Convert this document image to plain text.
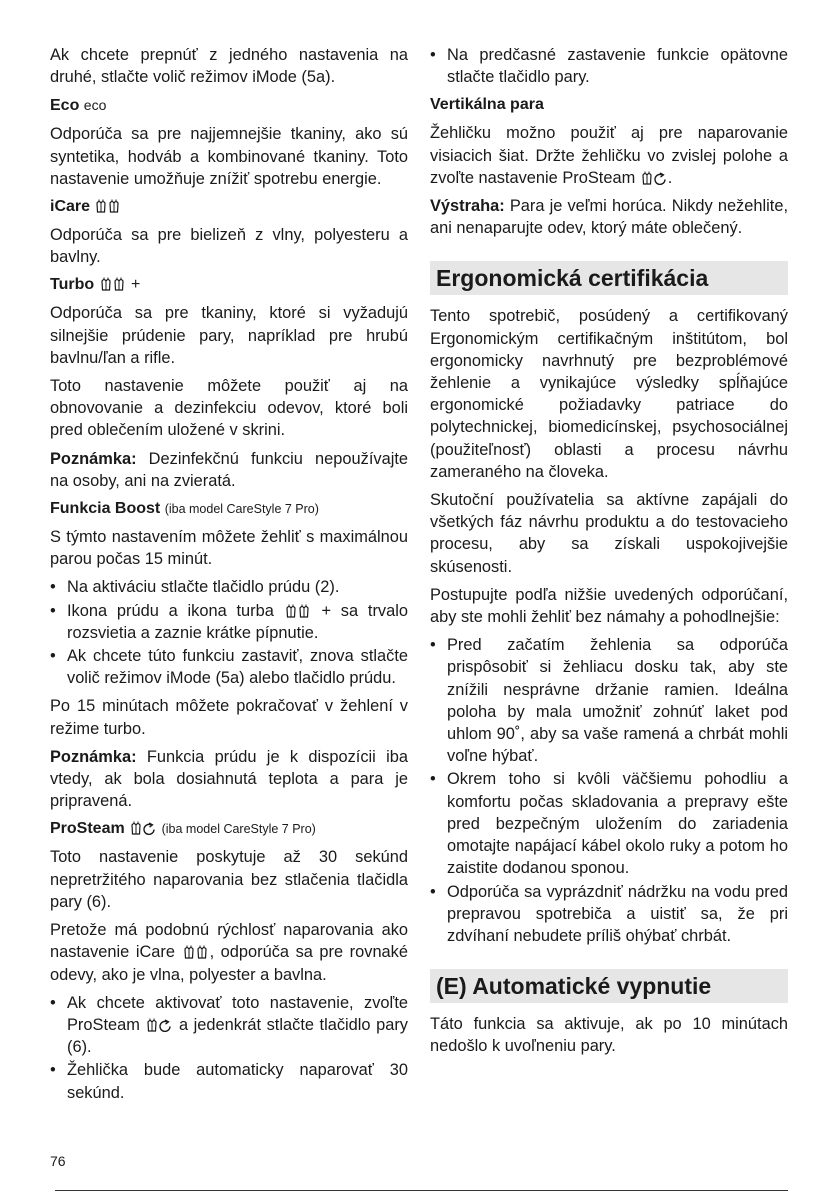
Ak chcete prepnúť z jedného nastavenia na druhé, stlačte volič režimov iMode (5a).

Eco eco

Odporúča sa pre najjemnejšie tkaniny, ako sú syntetika, hodváb a kombinované tkaniny. Toto nastavenie umožňuje znížiť spotrebu energie.

iCare

Odporúča sa pre bielizeň z vlny, polyesteru a bavlny.

Turbo +

Odporúča sa pre tkaniny, ktoré si vyžadujú silnejšie prúdenie pary, napríklad pre hrubú bavlnu/ľan a rifle.

Toto nastavenie môžete použiť aj na obnovovanie a dezinfekciu odevov, ktoré boli pred oblečením uložené v skrini.

Poznámka: Dezinfekčnú funkciu nepoužívajte na osoby, ani na zvieratá.

Funkcia Boost (iba model CareStyle 7 Pro)

S týmto nastavením môžete žehliť s maximálnou parou počas 15 minút.

• Na aktiváciu stlačte tlačidlo prúdu (2).
• Ikona prúdu a ikona turba	+ sa trvalo rozsvietia a zaznie krátke pípnutie.
• Ak chcete túto funkciu zastaviť, znova stlačte volič režimov iMode (5a) alebo tlačidlo prúdu.

Po 15 minútach môžete pokračovať v žehlení v režime turbo.

Poznámka: Funkcia prúdu je k dispozícii iba vtedy, ak bola dosiahnutá teplota a para je pripravená.

ProSteam	(iba model CareStyle 7 Pro)

Toto nastavenie poskytuje až 30 sekúnd nepretržitého naparovania bez stlačenia tlačidla pary (6).

Pretože má podobnú rýchlosť naparovania ako nastavenie iCare , odporúča sa pre rovnaké odevy, ako je vlna, polyester a bavlna.

• Ak chcete aktivovať toto nastavenie, zvoľte ProSteam a jedenkrát stlačte tlačidlo pary (6).
• Žehlička bude automaticky naparovať 30 sekúnd.
• Na predčasné zastavenie funkcie opätovne stlačte tlačidlo pary.
Vertikálna para

Žehličku možno použiť aj pre naparovanie visiacich šiat. Držte žehličku vo zvislej polohe a zvoľte nastavenie ProSteam .

Výstraha: Para je veľmi horúca. Nikdy nežehlite, ani nenaparujte odev, ktorý máte oblečený.

Ergonomická certifikácia

Tento spotrebič, posúdený a certifikovaný Ergonomickým certifikačným inštitútom, bol ergonomicky navrhnutý pre bezproblémové žehlenie a vynikajúce výsledky spĺňajúce ergonomické požiadavky patriace do polytechnickej, biomedicínskej, psychosociálnej (použiteľnosť) oblasti a procesu návrhu zameraného na človeka.

Skutoční používatelia sa aktívne zapájali do všetkých fáz návrhu produktu a do testovacieho procesu, aby sa získali uspokojivejšie skúsenosti.

Postupujte podľa nižšie uvedených odporúčaní, aby ste mohli žehliť bez námahy a pohodlnejšie:

• Pred začatím žehlenia sa odporúča prispôsobiť si žehliacu dosku tak, aby ste znížili nesprávne držanie ramien. Ideálna poloha by mala umožniť zohnúť laket pod uhlom 90˚, aby sa vaše ramená a chrbát mohli voľne hýbať.
• Okrem toho si kvôli väčšiemu pohodliu a komfortu počas skladovania a prepravy ešte pred bezpečným uložením do zariadenia omotajte napájací kábel okolo ruky a potom ho zaistite dodanou sponou.
• Odporúča sa vyprázdniť nádržku na vodu pred prepravou spotrebiča a uistiť sa, že pri zdvíhaní nebudete príliš ohýbať chrbát.
(E) Automatické vypnutie

Táto funkcia sa aktivuje, ak po 10 minútach nedošlo k uvoľneniu pary.

76
